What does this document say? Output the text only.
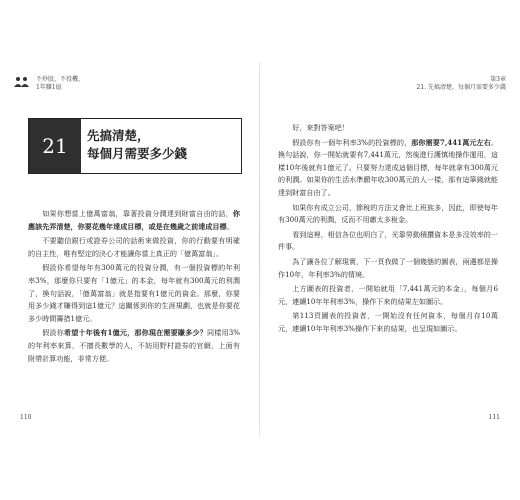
不炒股、不投機，
1年賺1億
第3章
21. 先搞清楚，每個月需要多少錢
21	先搞清楚，
每個月需要多少錢

如果你想當上億萬富翁，靠著投資分潤達到財富自由的話，你應該先弄清楚，你要花幾年達成目標，或是在幾歲之前達成目標。

不要聽信銀行或證券公司的話術來做投資，你的行動要有明確的自主性，唯有堅定的決心才能讓你當上真正的「億萬富翁」。

假設你希望每年有300萬元的投資分潤，有一個投資標的年利率3%，那麼你只要有「1億元」的本金，每年就有300萬元的利潤了，換句話說，「億萬富翁」就是指要有1億元的資金。那麼，你要用多少錢才賺得到這1億元？這關係到你的生涯規劃，也就是你要花多少時間籌措1億元。

假設你希望十年後有1億元，那你現在需要賺多少？同樣用3%的年利率來算，不擅長數學的人，不妨用野村證券的官網，上面有附帶計算功能，非常方便。

110

好，來對答案吧！

假設你有一個年利率3%的投資標的，那你需要7,441萬元左右。換句話說，你一開始就要有7,441萬元，然後進行護慎地操作運用，這樣10年後就有1億元了。只要努力達成這個目標，每年就拿有300萬元的利潤。如果你的生活水準願年收300萬元的人一樣，那有這筆錢就能達到財富自由了。

如果你有成立公司，節稅的方法又會比上班族多，因此，即使每年有300萬元的利潤，反而不用繳太多稅金。

看到這裡，相信各位也明白了，光靠勞動積攢資本是多沒效率的一件事。

為了讓各位了解現實，下一頁我做了一個幾態的圖表，兩邊都是操作10年，年利率3%的情境。

上方圖表的投資者，一開始就用「7,441萬元的本金」，每個月6元，連續10年年利率3%，操作下來的結果左如圖示。

第113頁圖表的投資者，一開始沒有任何資本，每個月存10萬元，連續10年年利率3%操作下來的結果，也呈現如圖示。

111
